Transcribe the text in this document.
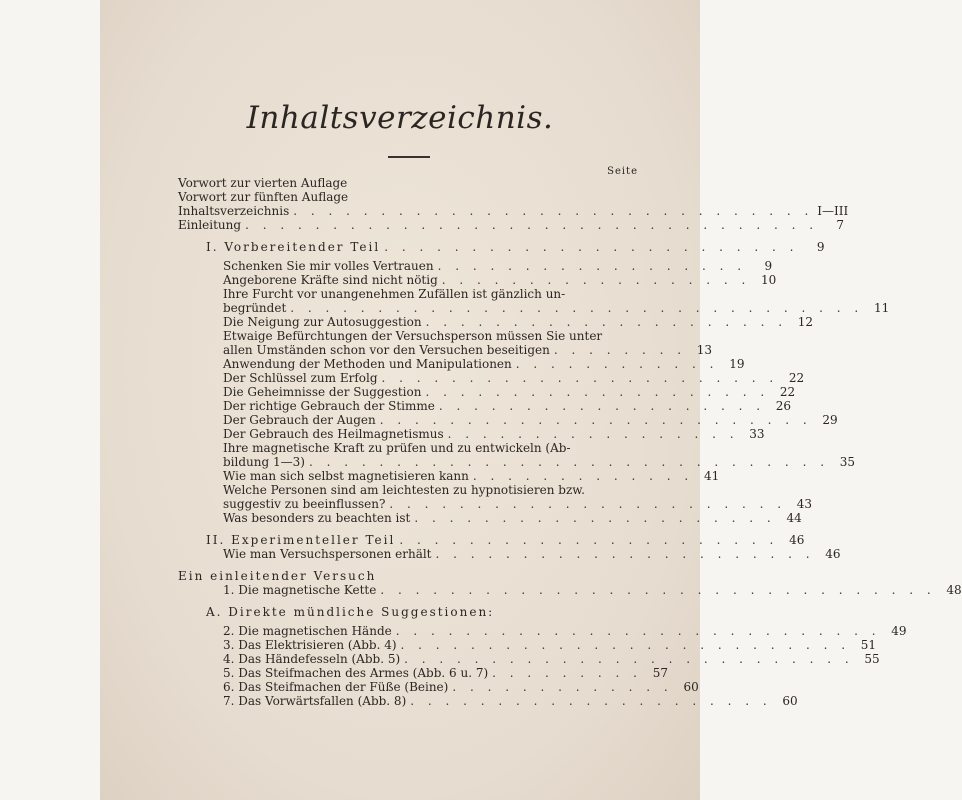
Inhaltsverzeichnis.
Seite
Vorwort zur vierten Auflage
Vorwort zur fünften Auflage
Inhaltsverzeichnis . . . . . . . . . . . . . . . . . . . . . . . . . . . . . . I—III
Einleitung . . . . . . . . . . . . . . . . . . . . . . . . . . . . . . . . .	7
I. Vorbereitender Teil . . . . . . . . . . . . . . . . . . . . . . . .	9
Schenken Sie mir volles Vertrauen . . . . . . . . . . . . . . . . . .	9
Angeborene Kräfte sind nicht nötig . . . . . . . . . . . . . . . . . . 10
Ihre Furcht vor unangenehmen Zufällen ist gänzlich un-
begründet . . . . . . . . . . . . . . . . . . . . . . . . . . . . . . . . . 11
Die Neigung zur Autosuggestion . . . . . . . . . . . . . . . . . . . . . 12
Etwaige Befürchtungen der Versuchsperson müssen Sie unter
allen Umständen schon vor den Versuchen beseitigen . . . . . . . . 13
Anwendung der Methoden und Manipulationen . . . . . . . . . . . . 19
Der Schlüssel zum Erfolg . . . . . . . . . . . . . . . . . . . . . . . 22
Die Geheimnisse der Suggestion . . . . . . . . . . . . . . . . . . . . 22
Der richtige Gebrauch der Stimme . . . . . . . . . . . . . . . . . . . 26
Der Gebrauch der Augen . . . . . . . . . . . . . . . . . . . . . . . . . 29
Der Gebrauch des Heilmagnetismus . . . . . . . . . . . . . . . . . 33
Ihre magnetische Kraft zu prüfen und zu entwickeln (Ab-
bildung 1—3) . . . . . . . . . . . . . . . . . . . . . . . . . . . . . . 35
Wie man sich selbst magnetisieren kann . . . . . . . . . . . . . 41
Welche Personen sind am leichtesten zu hypnotisieren bzw.
suggestiv zu beeinflussen? . . . . . . . . . . . . . . . . . . . . . . . 43
Was besonders zu beachten ist . . . . . . . . . . . . . . . . . . . . . 44
II. Experimenteller Teil . . . . . . . . . . . . . . . . . . . . . . 46
Wie man Versuchspersonen erhält . . . . . . . . . . . . . . . . . . . . . . 46
Ein einleitender Versuch
1. Die magnetische Kette . . . . . . . . . . . . . . . . . . . . . . . . . . . . . . . . 48
A. Direkte mündliche Suggestionen:
2. Die magnetischen Hände . . . . . . . . . . . . . . . . . . . . . . . . . . . . 49
3. Das Elektrisieren (Abb. 4) . . . . . . . . . . . . . . . . . . . . . . . . . . 51
4. Das Händefesseln (Abb. 5) . . . . . . . . . . . . . . . . . . . . . . . . . . 55
5. Das Steifmachen des Armes (Abb. 6 u. 7) . . . . . . . . . 57
6. Das Steifmachen der Füße (Beine) . . . . . . . . . . . . . 60
7. Das Vorwärtsfallen (Abb. 8) . . . . . . . . . . . . . . . . . . . . . 60
